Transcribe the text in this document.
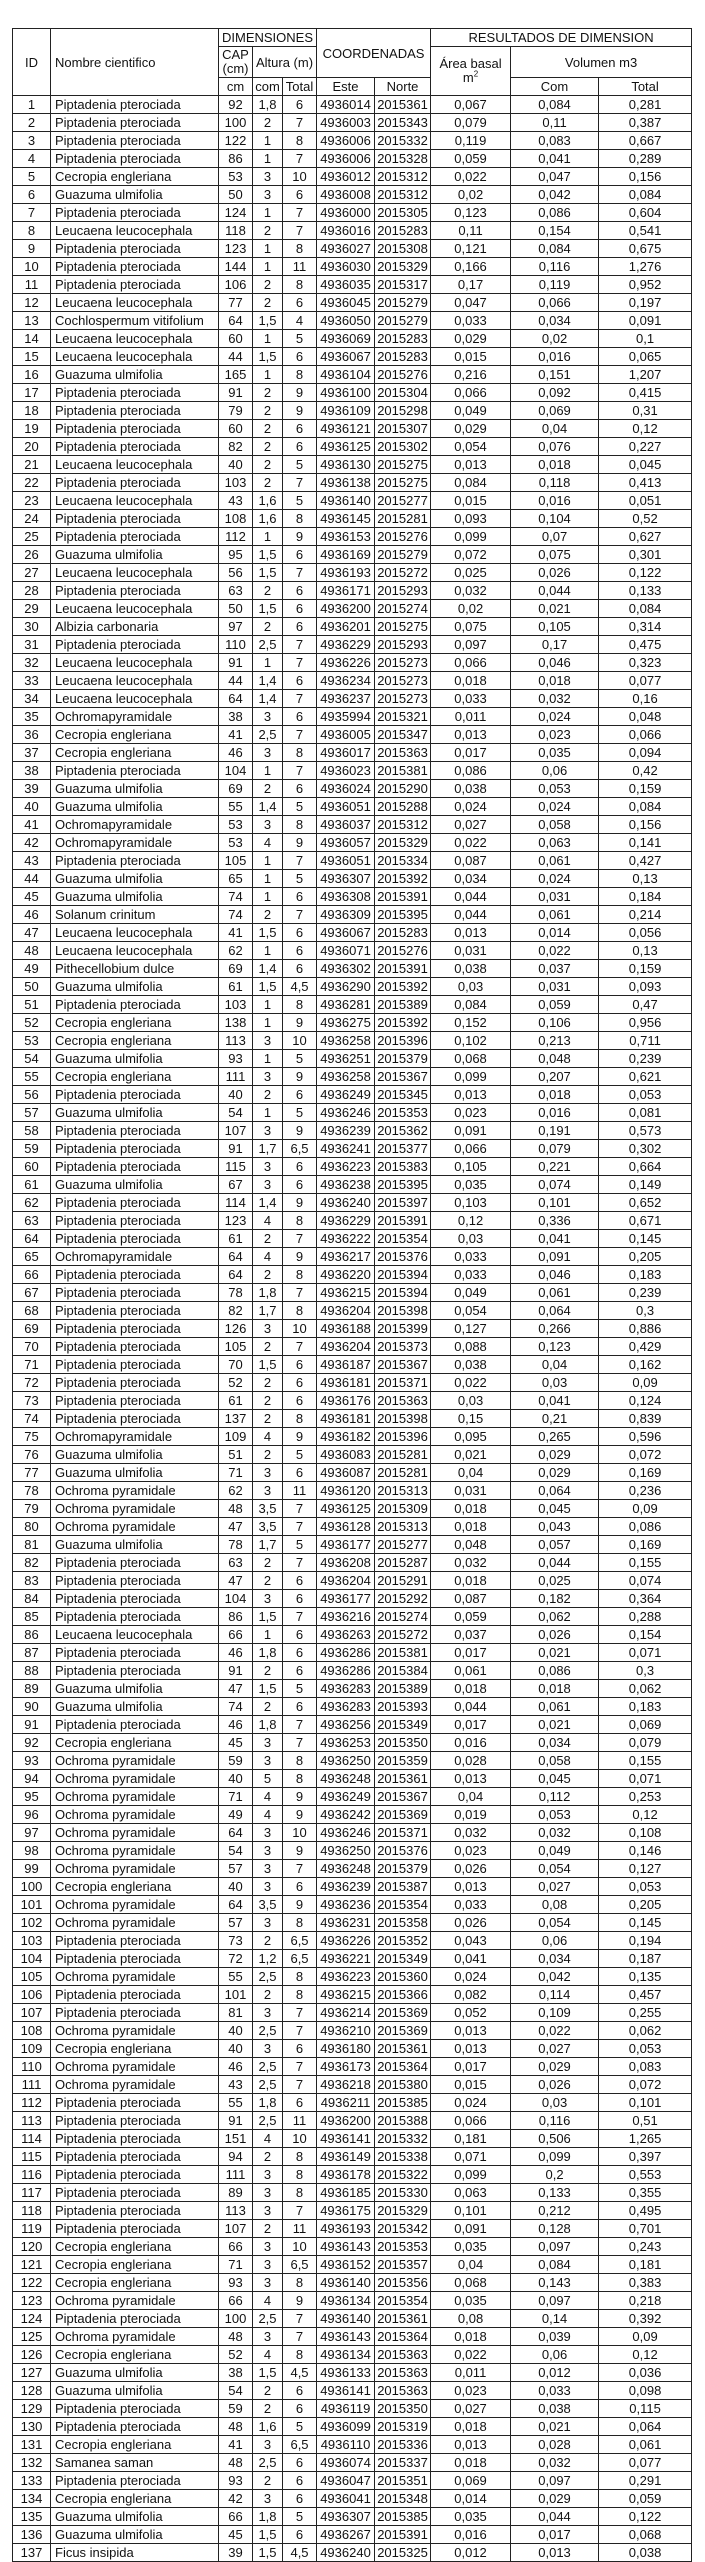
ID	Nombre cientifico	DIMENSIONES			COORDENADAS		RESULTADOS DE DIMENSION		
		CAP (cm)	Altura (m)				Área basal $m^2$	Volumen m3	
		cm	com	Total	Este	Norte		Com	Total
1	Piptadenia pterociada	92	1,8	6	4936014	2015361	0,067	0,084	0,281
2	Piptadenia pterociada	100	2	7	4936003	2015343	0,079	0,11	0,387
3	Piptadenia pterociada	122	1	8	4936006	2015332	0,119	0,083	0,667
4	Piptadenia pterociada	86	1	7	4936006	2015328	0,059	0,041	0,289
5	Cecropia engleriana	53	3	10	4936012	2015312	0,022	0,047	0,156
6	Guazuma ulmifolia	50	3	6	4936008	2015312	0,02	0,042	0,084
7	Piptadenia pterociada	124	1	7	4936000	2015305	0,123	0,086	0,604
8	Leucaena leucocephala	118	2	7	4936016	2015283	0,11	0,154	0,541
9	Piptadenia pterociada	123	1	8	4936027	2015308	0,121	0,084	0,675
10	Piptadenia pterociada	144	1	11	4936030	2015329	0,166	0,116	1,276
11	Piptadenia pterociada	106	2	8	4936035	2015317	0,17	0,119	0,952
12	Leucaena leucocephala	77	2	6	4936045	2015279	0,047	0,066	0,197
13	Cochlospermum vitifolium	64	1,5	4	4936050	2015279	0,033	0,034	0,091
14	Leucaena leucocephala	60	1	5	4936069	2015283	0,029	0,02	0,1
15	Leucaena leucocephala	44	1,5	6	4936067	2015283	0,015	0,016	0,065
16	Guazuma ulmifolia	165	1	8	4936104	2015276	0,216	0,151	1,207
17	Piptadenia pterociada	91	2	9	4936100	2015304	0,066	0,092	0,415
18	Piptadenia pterociada	79	2	9	4936109	2015298	0,049	0,069	0,31
19	Piptadenia pterociada	60	2	6	4936121	2015307	0,029	0,04	0,12
20	Piptadenia pterociada	82	2	6	4936125	2015302	0,054	0,076	0,227
21	Leucaena leucocephala	40	2	5	4936130	2015275	0,013	0,018	0,045
22	Piptadenia pterociada	103	2	7	4936138	2015275	0,084	0,118	0,413
23	Leucaena leucocephala	43	1,6	5	4936140	2015277	0,015	0,016	0,051
24	Piptadenia pterociada	108	1,6	8	4936145	2015281	0,093	0,104	0,52
25	Piptadenia pterociada	112	1	9	4936153	2015276	0,099	0,07	0,627
26	Guazuma ulmifolia	95	1,5	6	4936169	2015279	0,072	0,075	0,301
27	Leucaena leucocephala	56	1,5	7	4936193	2015272	0,025	0,026	0,122
28	Piptadenia pterociada	63	2	6	4936171	2015293	0,032	0,044	0,133
29	Leucaena leucocephala	50	1,5	6	4936200	2015274	0,02	0,021	0,084
30	Albizia carbonaria	97	2	6	4936201	2015275	0,075	0,105	0,314
31	Piptadenia pterociada	110	2,5	7	4936229	2015293	0,097	0,17	0,475
32	Leucaena leucocephala	91	1	7	4936226	2015273	0,066	0,046	0,323
33	Leucaena leucocephala	44	1,4	6	4936234	2015273	0,018	0,018	0,077
34	Leucaena leucocephala	64	1,4	7	4936237	2015273	0,033	0,032	0,16
35	Ochromapyramidale	38	3	6	4935994	2015321	0,011	0,024	0,048
36	Cecropia engleriana	41	2,5	7	4936005	2015347	0,013	0,023	0,066
37	Cecropia engleriana	46	3	8	4936017	2015363	0,017	0,035	0,094
38	Piptadenia pterociada	104	1	7	4936023	2015381	0,086	0,06	0,42
39	Guazuma ulmifolia	69	2	6	4936024	2015290	0,038	0,053	0,159
40	Guazuma ulmifolia	55	1,4	5	4936051	2015288	0,024	0,024	0,084
41	Ochromapyramidale	53	3	8	4936037	2015312	0,027	0,058	0,156
42	Ochromapyramidale	53	4	9	4936057	2015329	0,022	0,063	0,141
43	Piptadenia pterociada	105	1	7	4936051	2015334	0,087	0,061	0,427
44	Guazuma ulmifolia	65	1	5	4936307	2015392	0,034	0,024	0,13
45	Guazuma ulmifolia	74	1	6	4936308	2015391	0,044	0,031	0,184
46	Solanum crinitum	74	2	7	4936309	2015395	0,044	0,061	0,214
47	Leucaena leucocephala	41	1,5	6	4936067	2015283	0,013	0,014	0,056
48	Leucaena leucocephala	62	1	6	4936071	2015276	0,031	0,022	0,13
49	Pithecellobium dulce	69	1,4	6	4936302	2015391	0,038	0,037	0,159
50	Guazuma ulmifolia	61	1,5	4,5	4936290	2015392	0,03	0,031	0,093
51	Piptadenia pterociada	103	1	8	4936281	2015389	0,084	0,059	0,47
52	Cecropia engleriana	138	1	9	4936275	2015392	0,152	0,106	0,956
53	Cecropia engleriana	113	3	10	4936258	2015396	0,102	0,213	0,711
54	Guazuma ulmifolia	93	1	5	4936251	2015379	0,068	0,048	0,239
55	Cecropia engleriana	111	3	9	4936258	2015367	0,099	0,207	0,621
56	Piptadenia pterociada	40	2	6	4936249	2015345	0,013	0,018	0,053
57	Guazuma ulmifolia	54	1	5	4936246	2015353	0,023	0,016	0,081
58	Piptadenia pterociada	107	3	9	4936239	2015362	0,091	0,191	0,573
59	Piptadenia pterociada	91	1,7	6,5	4936241	2015377	0,066	0,079	0,302
60	Piptadenia pterociada	115	3	6	4936223	2015383	0,105	0,221	0,664
61	Guazuma ulmifolia	67	3	6	4936238	2015395	0,035	0,074	0,149
62	Piptadenia pterociada	114	1,4	9	4936240	2015397	0,103	0,101	0,652
63	Piptadenia pterociada	123	4	8	4936229	2015391	0,12	0,336	0,671
64	Piptadenia pterociada	61	2	7	4936222	2015354	0,03	0,041	0,145
65	Ochromapyramidale	64	4	9	4936217	2015376	0,033	0,091	0,205
66	Piptadenia pterociada	64	2	8	4936220	2015394	0,033	0,046	0,183
67	Piptadenia pterociada	78	1,8	7	4936215	2015394	0,049	0,061	0,239
68	Piptadenia pterociada	82	1,7	8	4936204	2015398	0,054	0,064	0,3
69	Piptadenia pterociada	126	3	10	4936188	2015399	0,127	0,266	0,886
70	Piptadenia pterociada	105	2	7	4936204	2015373	0,088	0,123	0,429
71	Piptadenia pterociada	70	1,5	6	4936187	2015367	0,038	0,04	0,162
72	Piptadenia pterociada	52	2	6	4936181	2015371	0,022	0,03	0,09
73	Piptadenia pterociada	61	2	6	4936176	2015363	0,03	0,041	0,124
74	Piptadenia pterociada	137	2	8	4936181	2015398	0,15	0,21	0,839
75	Ochromapyramidale	109	4	9	4936182	2015396	0,095	0,265	0,596
76	Guazuma ulmifolia	51	2	5	4936083	2015281	0,021	0,029	0,072
77	Guazuma ulmifolia	71	3	6	4936087	2015281	0,04	0,029	0,169
78	Ochroma pyramidale	62	3	11	4936120	2015313	0,031	0,064	0,236
79	Ochroma pyramidale	48	3,5	7	4936125	2015309	0,018	0,045	0,09
80	Ochroma pyramidale	47	3,5	7	4936128	2015313	0,018	0,043	0,086
81	Guazuma ulmifolia	78	1,7	5	4936177	2015277	0,048	0,057	0,169
82	Piptadenia pterociada	63	2	7	4936208	2015287	0,032	0,044	0,155
83	Piptadenia pterociada	47	2	6	4936204	2015291	0,018	0,025	0,074
84	Piptadenia pterociada	104	3	6	4936177	2015292	0,087	0,182	0,364
85	Piptadenia pterociada	86	1,5	7	4936216	2015274	0,059	0,062	0,288
86	Leucaena leucocephala	66	1	6	4936263	2015272	0,037	0,026	0,154
87	Piptadenia pterociada	46	1,8	6	4936286	2015381	0,017	0,021	0,071
88	Piptadenia pterociada	91	2	6	4936286	2015384	0,061	0,086	0,3
89	Guazuma ulmifolia	47	1,5	5	4936283	2015389	0,018	0,018	0,062
90	Guazuma ulmifolia	74	2	6	4936283	2015393	0,044	0,061	0,183
91	Piptadenia pterociada	46	1,8	7	4936256	2015349	0,017	0,021	0,069
92	Cecropia engleriana	45	3	7	4936253	2015350	0,016	0,034	0,079
93	Ochroma pyramidale	59	3	8	4936250	2015359	0,028	0,058	0,155
94	Ochroma pyramidale	40	5	8	4936248	2015361	0,013	0,045	0,071
95	Ochroma pyramidale	71	4	9	4936249	2015367	0,04	0,112	0,253
96	Ochroma pyramidale	49	4	9	4936242	2015369	0,019	0,053	0,12
97	Ochroma pyramidale	64	3	10	4936246	2015371	0,032	0,032	0,108
98	Ochroma pyramidale	54	3	9	4936250	2015376	0,023	0,049	0,146
99	Ochroma pyramidale	57	3	7	4936248	2015379	0,026	0,054	0,127
100	Cecropia engleriana	40	3	6	4936239	2015387	0,013	0,027	0,053
101	Ochroma pyramidale	64	3,5	9	4936236	2015354	0,033	0,08	0,205
102	Ochroma pyramidale	57	3	8	4936231	2015358	0,026	0,054	0,145
103	Piptadenia pterociada	73	2	6,5	4936226	2015352	0,043	0,06	0,194
104	Piptadenia pterociada	72	1,2	6,5	4936221	2015349	0,041	0,034	0,187
105	Ochroma pyramidale	55	2,5	8	4936223	2015360	0,024	0,042	0,135
106	Piptadenia pterociada	101	2	8	4936215	2015366	0,082	0,114	0,457
107	Piptadenia pterociada	81	3	7	4936214	2015369	0,052	0,109	0,255
108	Ochroma pyramidale	40	2,5	7	4936210	2015369	0,013	0,022	0,062
109	Cecropia engleriana	40	3	6	4936180	2015361	0,013	0,027	0,053
110	Ochroma pyramidale	46	2,5	7	4936173	2015364	0,017	0,029	0,083
111	Ochroma pyramidale	43	2,5	7	4936218	2015380	0,015	0,026	0,072
112	Piptadenia pterociada	55	1,8	6	4936211	2015385	0,024	0,03	0,101
113	Piptadenia pterociada	91	2,5	11	4936200	2015388	0,066	0,116	0,51
114	Piptadenia pterociada	151	4	10	4936141	2015332	0,181	0,506	1,265
115	Piptadenia pterociada	94	2	8	4936149	2015338	0,071	0,099	0,397
116	Piptadenia pterociada	111	3	8	4936178	2015322	0,099	0,2	0,553
117	Piptadenia pterociada	89	3	8	4936185	2015330	0,063	0,133	0,355
118	Piptadenia pterociada	113	3	7	4936175	2015329	0,101	0,212	0,495
119	Piptadenia pterociada	107	2	11	4936193	2015342	0,091	0,128	0,701
120	Cecropia engleriana	66	3	10	4936143	2015353	0,035	0,097	0,243
121	Cecropia engleriana	71	3	6,5	4936152	2015357	0,04	0,084	0,181
122	Cecropia engleriana	93	3	8	4936140	2015356	0,068	0,143	0,383
123	Ochroma pyramidale	66	4	9	4936134	2015354	0,035	0,097	0,218
124	Piptadenia pterociada	100	2,5	7	4936140	2015361	0,08	0,14	0,392
125	Ochroma pyramidale	48	3	7	4936143	2015364	0,018	0,039	0,09
126	Cecropia engleriana	52	4	8	4936134	2015363	0,022	0,06	0,12
127	Guazuma ulmifolia	38	1,5	4,5	4936133	2015363	0,011	0,012	0,036
128	Guazuma ulmifolia	54	2	6	4936141	2015363	0,023	0,033	0,098
129	Piptadenia pterociada	59	2	6	4936119	2015350	0,027	0,038	0,115
130	Piptadenia pterociada	48	1,6	5	4936099	2015319	0,018	0,021	0,064
131	Cecropia engleriana	41	3	6,5	4936110	2015336	0,013	0,028	0,061
132	Samanea saman	48	2,5	6	4936074	2015337	0,018	0,032	0,077
133	Piptadenia pterociada	93	2	6	4936047	2015351	0,069	0,097	0,291
134	Cecropia engleriana	42	3	6	4936041	2015348	0,014	0,029	0,059
135	Guazuma ulmifolia	66	1,8	5	4936307	2015385	0,035	0,044	0,122
136	Guazuma ulmifolia	45	1,5	6	4936267	2015391	0,016	0,017	0,068
137	Ficus insipida	39	1,5	4,5	4936240	2015325	0,012	0,013	0,038
